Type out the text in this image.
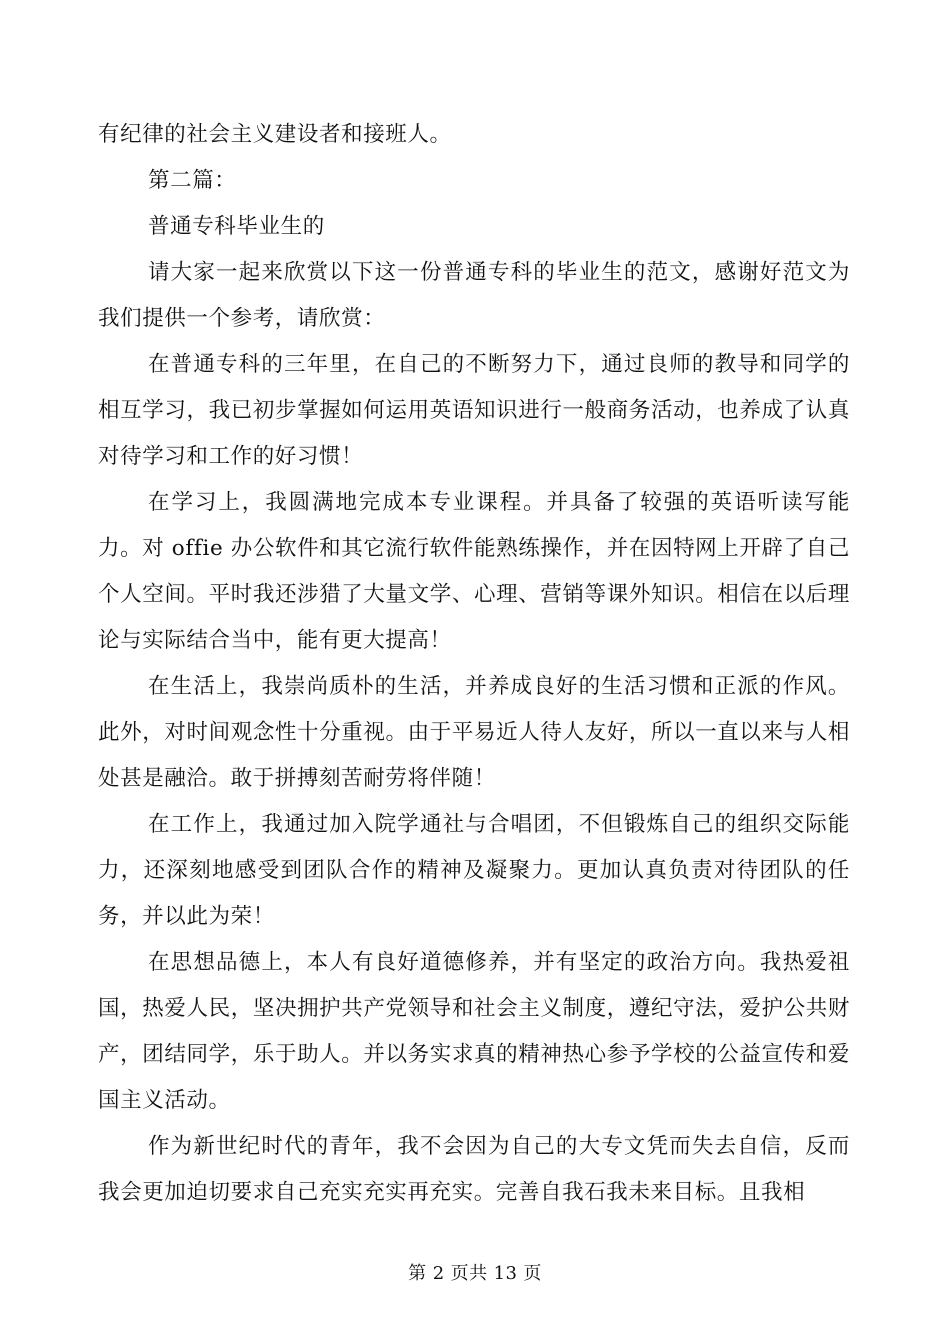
有纪律的社会主义建设者和接班人。

第二篇：

普通专科毕业生的

请大家一起来欣赏以下这一份普通专科的毕业生的范文，感谢好范文为我们提供一个参考，请欣赏：

在普通专科的三年里，在自己的不断努力下，通过良师的教导和同学的相互学习，我已初步掌握如何运用英语知识进行一般商务活动，也养成了认真对待学习和工作的好习惯！

在学习上，我圆满地完成本专业课程。并具备了较强的英语听读写能力。对 offie 办公软件和其它流行软件能熟练操作，并在因特网上开辟了自己个人空间。平时我还涉猎了大量文学、心理、营销等课外知识。相信在以后理论与实际结合当中，能有更大提高！

在生活上，我崇尚质朴的生活，并养成良好的生活习惯和正派的作风。此外，对时间观念性十分重视。由于平易近人待人友好，所以一直以来与人相处甚是融洽。敢于拼搏刻苦耐劳将伴随！

在工作上，我通过加入院学通社与合唱团，不但锻炼自己的组织交际能力，还深刻地感受到团队合作的精神及凝聚力。更加认真负责对待团队的任务，并以此为荣！

在思想品德上，本人有良好道德修养，并有坚定的政治方向。我热爱祖国，热爱人民，坚决拥护共产党领导和社会主义制度，遵纪守法，爱护公共财产，团结同学，乐于助人。并以务实求真的精神热心参予学校的公益宣传和爱国主义活动。

作为新世纪时代的青年，我不会因为自己的大专文凭而失去自信，反而我会更加迫切要求自己充实充实再充实。完善自我石我未来目标。且我相

第 2 页共 13 页
